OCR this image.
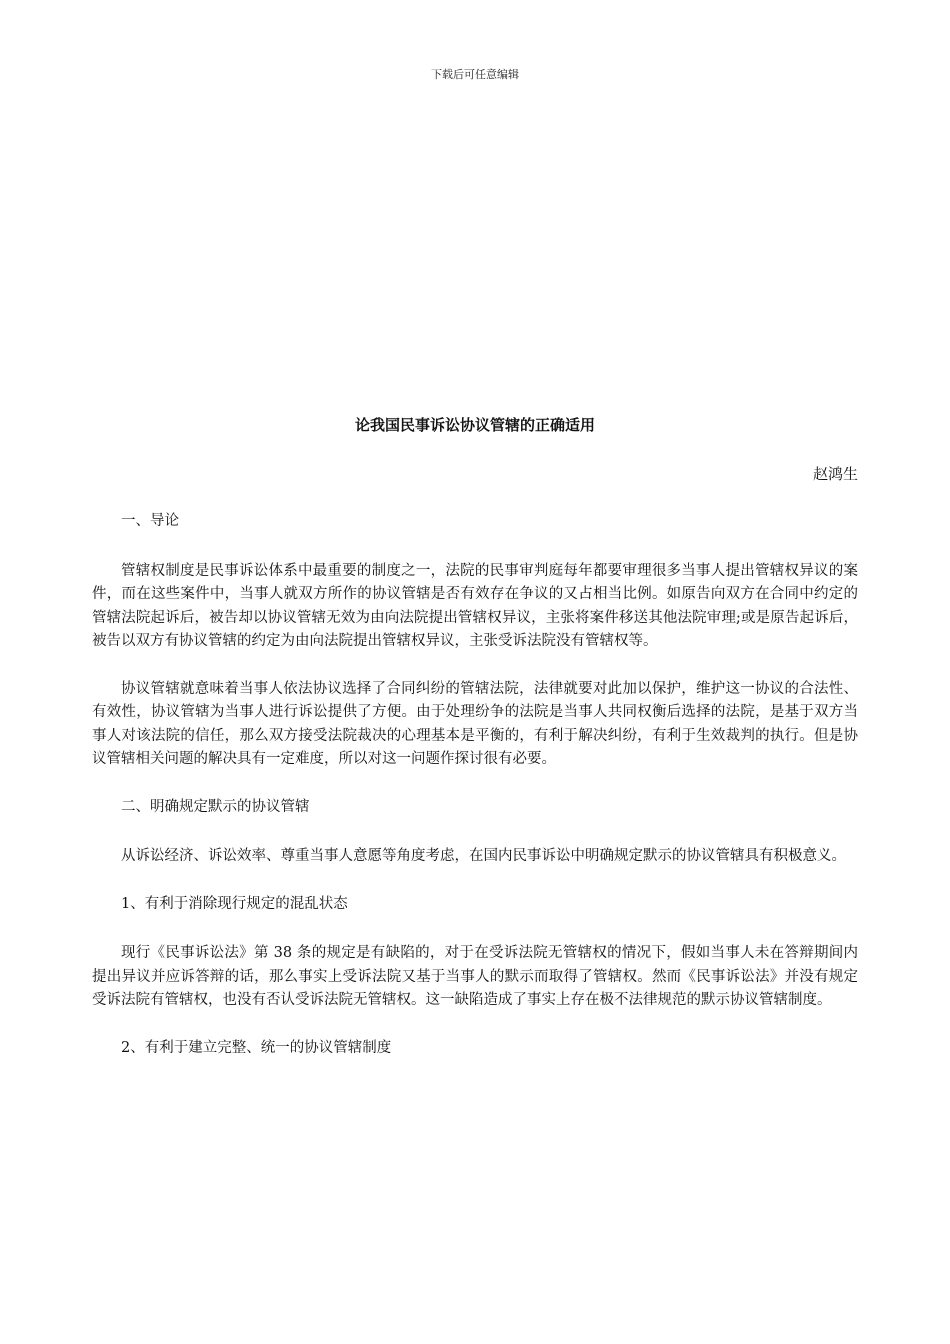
下载后可任意编辑
论我国民事诉讼协议管辖的正确适用
赵鸿生

一、导论

管辖权制度是民事诉讼体系中最重要的制度之一，法院的民事审判庭每年都要审理很多当事人提出管辖权异议的案件，而在这些案件中，当事人就双方所作的协议管辖是否有效存在争议的又占相当比例。如原告向双方在合同中约定的管辖法院起诉后，被告却以协议管辖无效为由向法院提出管辖权异议，主张将案件移送其他法院审理;或是原告起诉后，被告以双方有协议管辖的约定为由向法院提出管辖权异议，主张受诉法院没有管辖权等。

协议管辖就意味着当事人依法协议选择了合同纠纷的管辖法院，法律就要对此加以保护，维护这一协议的合法性、有效性，协议管辖为当事人进行诉讼提供了方便。由于处理纷争的法院是当事人共同权衡后选择的法院，是基于双方当事人对该法院的信任，那么双方接受法院裁决的心理基本是平衡的，有利于解决纠纷，有利于生效裁判的执行。但是协议管辖相关问题的解决具有一定难度，所以对这一问题作探讨很有必要。

二、明确规定默示的协议管辖

从诉讼经济、诉讼效率、尊重当事人意愿等角度考虑，在国内民事诉讼中明确规定默示的协议管辖具有积极意义。

1、有利于消除现行规定的混乱状态

现行《民事诉讼法》第 38 条的规定是有缺陷的，对于在受诉法院无管辖权的情况下，假如当事人未在答辩期间内提出异议并应诉答辩的话，那么事实上受诉法院又基于当事人的默示而取得了管辖权。然而《民事诉讼法》并没有规定受诉法院有管辖权，也没有否认受诉法院无管辖权。这一缺陷造成了事实上存在极不法律规范的默示协议管辖制度。

2、有利于建立完整、统一的协议管辖制度
